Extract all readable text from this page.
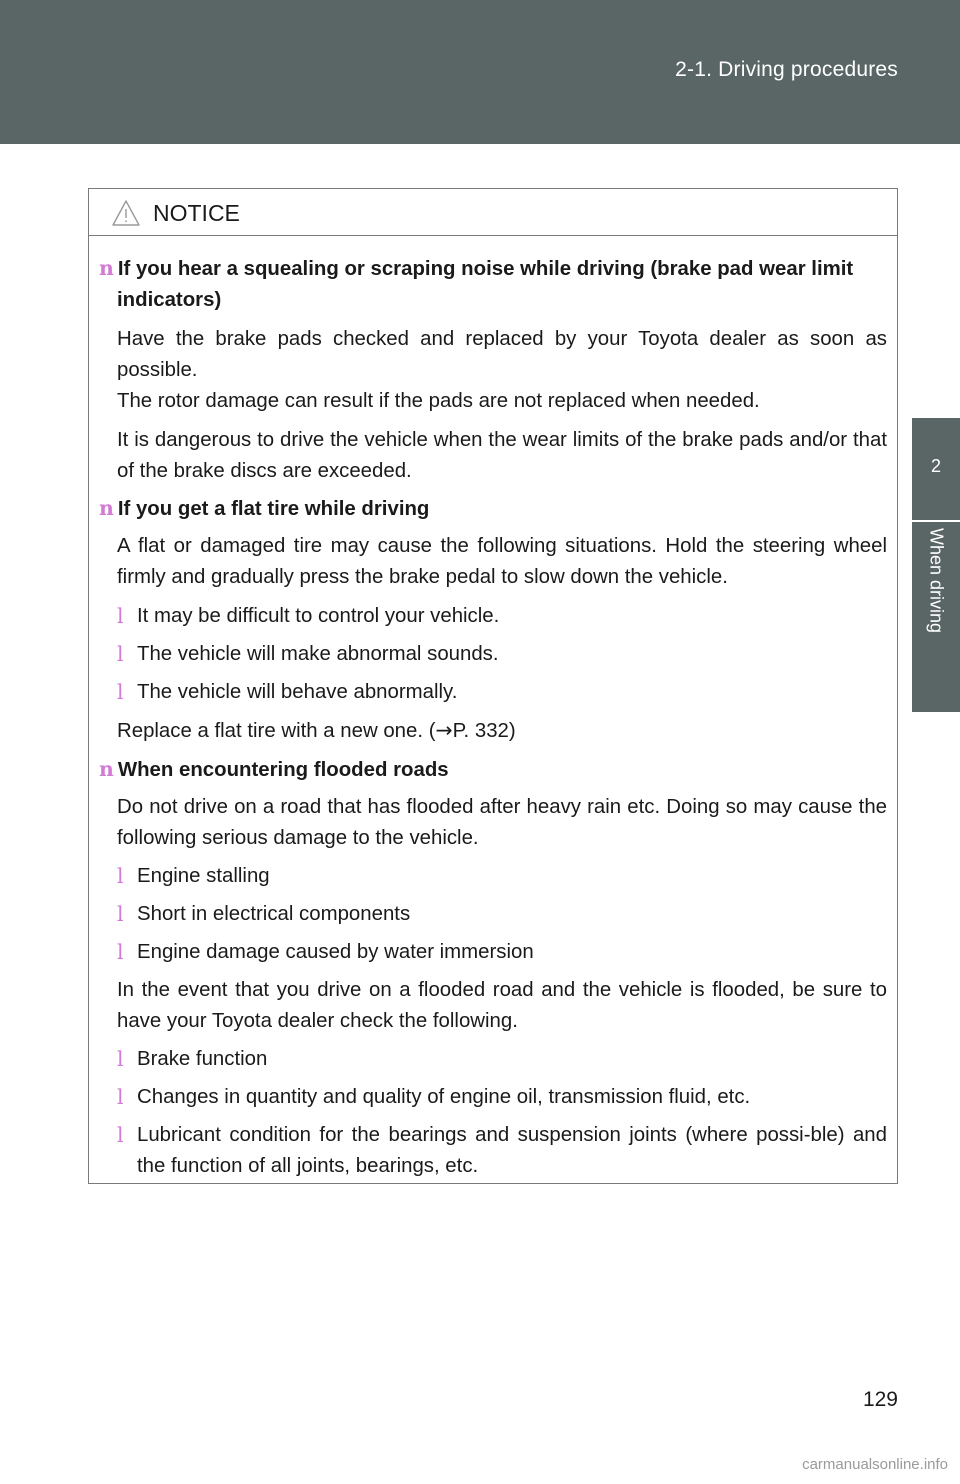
2-1. Driving procedures
2
When driving
NOTICE
n If you hear a squealing or scraping noise while driving (brake pad wear limit indicators)
Have the brake pads checked and replaced by your Toyota dealer as soon as possible.
The rotor damage can result if the pads are not replaced when needed.
It is dangerous to drive the vehicle when the wear limits of the brake pads and/or that of the brake discs are exceeded.
n If you get a flat tire while driving
A flat or damaged tire may cause the following situations. Hold the steering wheel firmly and gradually press the brake pedal to slow down the vehicle.
l It may be difficult to control your vehicle.
l The vehicle will make abnormal sounds.
l The vehicle will behave abnormally.
Replace a flat tire with a new one. (→P. 332)
n When encountering flooded roads
Do not drive on a road that has flooded after heavy rain etc. Doing so may cause the following serious damage to the vehicle.
l Engine stalling
l Short in electrical components
l Engine damage caused by water immersion
In the event that you drive on a flooded road and the vehicle is flooded, be sure to have your Toyota dealer check the following.
l Brake function
l Changes in quantity and quality of engine oil, transmission fluid, etc.
l Lubricant condition for the bearings and suspension joints (where possi-ble) and the function of all joints, bearings, etc.
129
carmanualsonline.info
